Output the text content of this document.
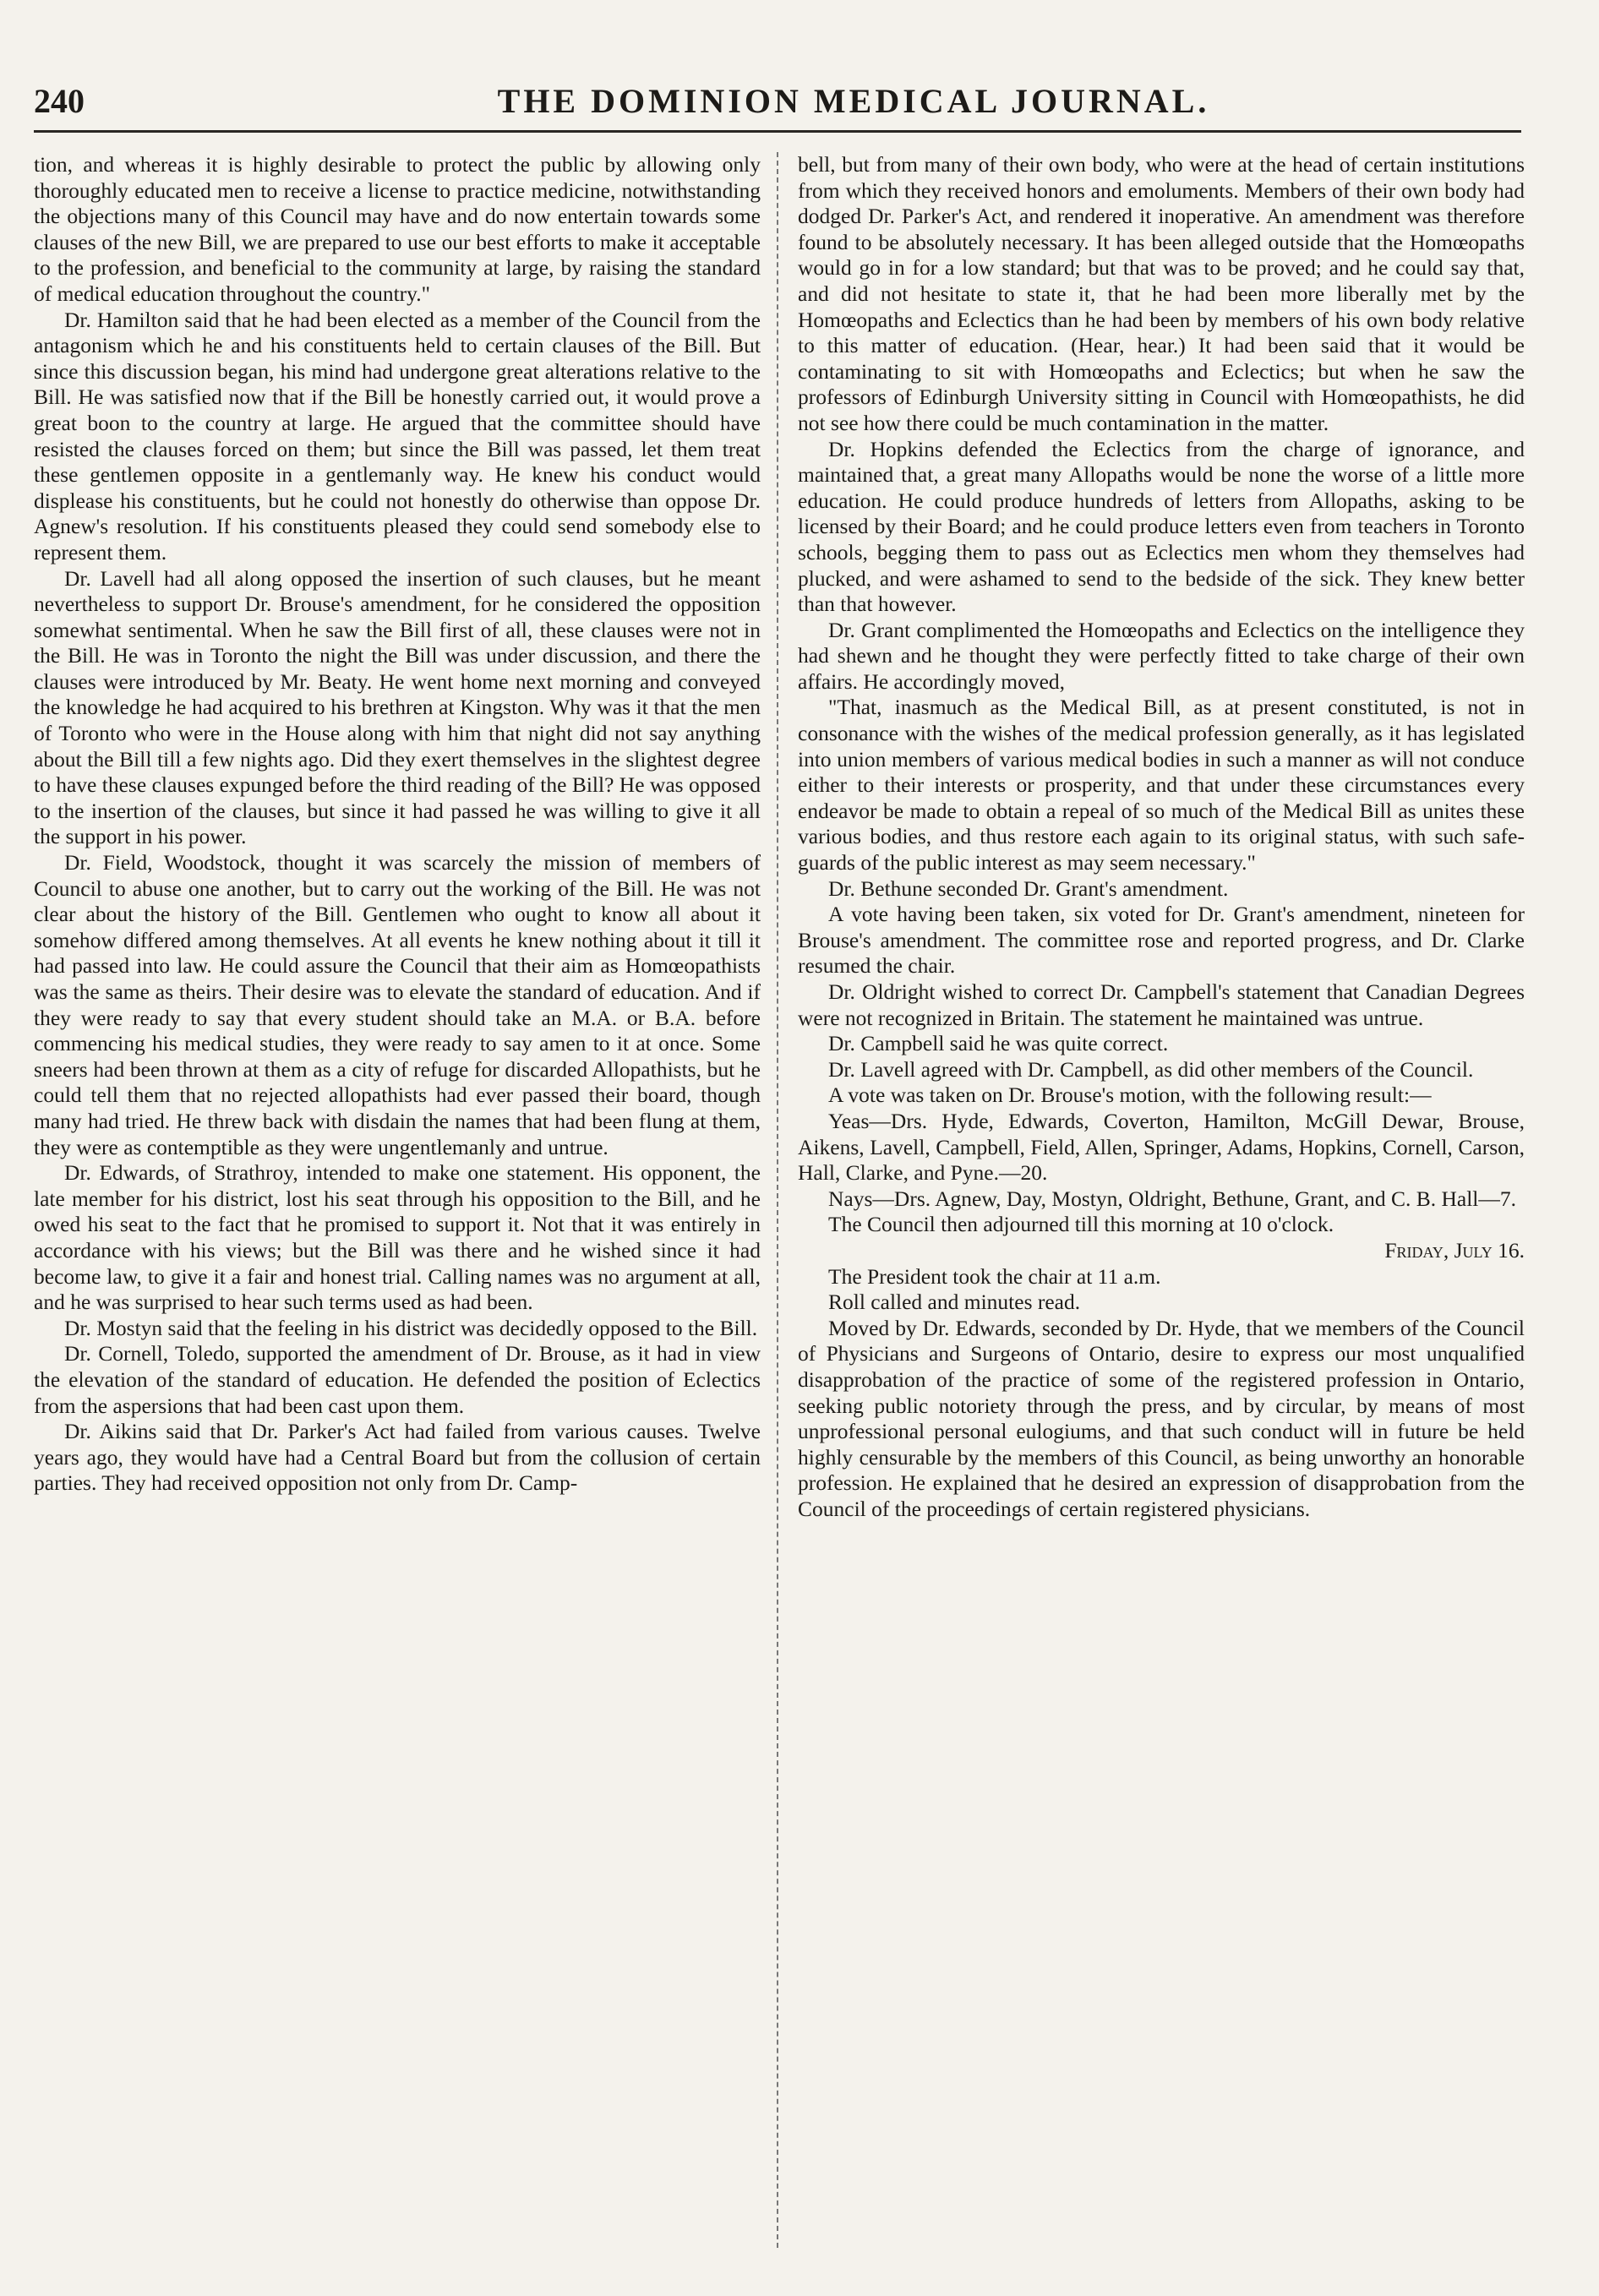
240	THE DOMINION MEDICAL JOURNAL.

tion, and whereas it is highly desirable to protect the public by allowing only thoroughly educated men to receive a license to practice medicine, notwithstanding the objections many of this Council may have and do now entertain towards some clauses of the new Bill, we are prepared to use our best efforts to make it acceptable to the profession, and beneficial to the community at large, by raising the standard of medical education throughout the country."

Dr. Hamilton said that he had been elected as a member of the Council from the antagonism which he and his constituents held to certain clauses of the Bill. But since this discussion began, his mind had undergone great alterations relative to the Bill. He was satisfied now that if the Bill be honestly carried out, it would prove a great boon to the country at large. He argued that the committee should have resisted the clauses forced on them; but since the Bill was passed, let them treat these gentlemen opposite in a gentlemanly way. He knew his conduct would displease his constituents, but he could not honestly do otherwise than oppose Dr. Agnew's resolution. If his constituents pleased they could send somebody else to represent them.

Dr. Lavell had all along opposed the insertion of such clauses, but he meant nevertheless to support Dr. Brouse's amendment, for he considered the opposition somewhat sentimental. When he saw the Bill first of all, these clauses were not in the Bill. He was in Toronto the night the Bill was under discussion, and there the clauses were introduced by Mr. Beaty. He went home next morning and conveyed the knowledge he had acquired to his brethren at Kingston. Why was it that the men of Toronto who were in the House along with him that night did not say anything about the Bill till a few nights ago. Did they exert themselves in the slightest degree to have these clauses expunged before the third reading of the Bill? He was opposed to the insertion of the clauses, but since it had passed he was willing to give it all the support in his power.

Dr. Field, Woodstock, thought it was scarcely the mission of members of Council to abuse one another, but to carry out the working of the Bill. He was not clear about the history of the Bill. Gentlemen who ought to know all about it somehow differed among themselves. At all events he knew nothing about it till it had passed into law. He could assure the Council that their aim as Homœopathists was the same as theirs. Their desire was to elevate the standard of education. And if they were ready to say that every student should take an M.A. or B.A. before commencing his medical studies, they were ready to say amen to it at once. Some sneers had been thrown at them as a city of refuge for discarded Allopathists, but he could tell them that no rejected allopathists had ever passed their board, though many had tried. He threw back with disdain the names that had been flung at them, they were as contemptible as they were ungentlemanly and untrue.

Dr. Edwards, of Strathroy, intended to make one statement. His opponent, the late member for his district, lost his seat through his opposition to the Bill, and he owed his seat to the fact that he promised to support it. Not that it was entirely in accordance with his views; but the Bill was there and he wished since it had become law, to give it a fair and honest trial. Calling names was no argument at all, and he was surprised to hear such terms used as had been.

Dr. Mostyn said that the feeling in his district was decidedly opposed to the Bill.

Dr. Cornell, Toledo, supported the amendment of Dr. Brouse, as it had in view the elevation of the standard of education. He defended the position of Eclectics from the aspersions that had been cast upon them.

Dr. Aikins said that Dr. Parker's Act had failed from various causes. Twelve years ago, they would have had a Central Board but from the collusion of certain parties. They had received opposition not only from Dr. Camp-

bell, but from many of their own body, who were at the head of certain institutions from which they received honors and emoluments. Members of their own body had dodged Dr. Parker's Act, and rendered it inoperative. An amendment was therefore found to be absolutely necessary. It has been alleged outside that the Homœopaths would go in for a low standard; but that was to be proved; and he could say that, and did not hesitate to state it, that he had been more liberally met by the Homœopaths and Eclectics than he had been by members of his own body relative to this matter of education. (Hear, hear.) It had been said that it would be contaminating to sit with Homœopaths and Eclectics; but when he saw the professors of Edinburgh University sitting in Council with Homœopathists, he did not see how there could be much contamination in the matter.

Dr. Hopkins defended the Eclectics from the charge of ignorance, and maintained that, a great many Allopaths would be none the worse of a little more education. He could produce hundreds of letters from Allopaths, asking to be licensed by their Board; and he could produce letters even from teachers in Toronto schools, begging them to pass out as Eclectics men whom they themselves had plucked, and were ashamed to send to the bedside of the sick. They knew better than that however.

Dr. Grant complimented the Homœopaths and Eclectics on the intelligence they had shewn and he thought they were perfectly fitted to take charge of their own affairs. He accordingly moved,

"That, inasmuch as the Medical Bill, as at present constituted, is not in consonance with the wishes of the medical profession generally, as it has legislated into union members of various medical bodies in such a manner as will not conduce either to their interests or prosperity, and that under these circumstances every endeavor be made to obtain a repeal of so much of the Medical Bill as unites these various bodies, and thus restore each again to its original status, with such safe-guards of the public interest as may seem necessary."

Dr. Bethune seconded Dr. Grant's amendment.

A vote having been taken, six voted for Dr. Grant's amendment, nineteen for Brouse's amendment. The committee rose and reported progress, and Dr. Clarke resumed the chair.

Dr. Oldright wished to correct Dr. Campbell's statement that Canadian Degrees were not recognized in Britain. The statement he maintained was untrue.

Dr. Campbell said he was quite correct.

Dr. Lavell agreed with Dr. Campbell, as did other members of the Council.

A vote was taken on Dr. Brouse's motion, with the following result:—

Yeas—Drs. Hyde, Edwards, Coverton, Hamilton, McGill Dewar, Brouse, Aikens, Lavell, Campbell, Field, Allen, Springer, Adams, Hopkins, Cornell, Carson, Hall, Clarke, and Pyne.—20.

Nays—Drs. Agnew, Day, Mostyn, Oldright, Bethune, Grant, and C. B. Hall—7.

The Council then adjourned till this morning at 10 o'clock.

Friday, July 16.

The President took the chair at 11 a.m.

Roll called and minutes read.

Moved by Dr. Edwards, seconded by Dr. Hyde, that we members of the Council of Physicians and Surgeons of Ontario, desire to express our most unqualified disapprobation of the practice of some of the registered profession in Ontario, seeking public notoriety through the press, and by circular, by means of most unprofessional personal eulogiums, and that such conduct will in future be held highly censurable by the members of this Council, as being unworthy an honorable profession. He explained that he desired an expression of disapprobation from the Council of the proceedings of certain registered physicians.
